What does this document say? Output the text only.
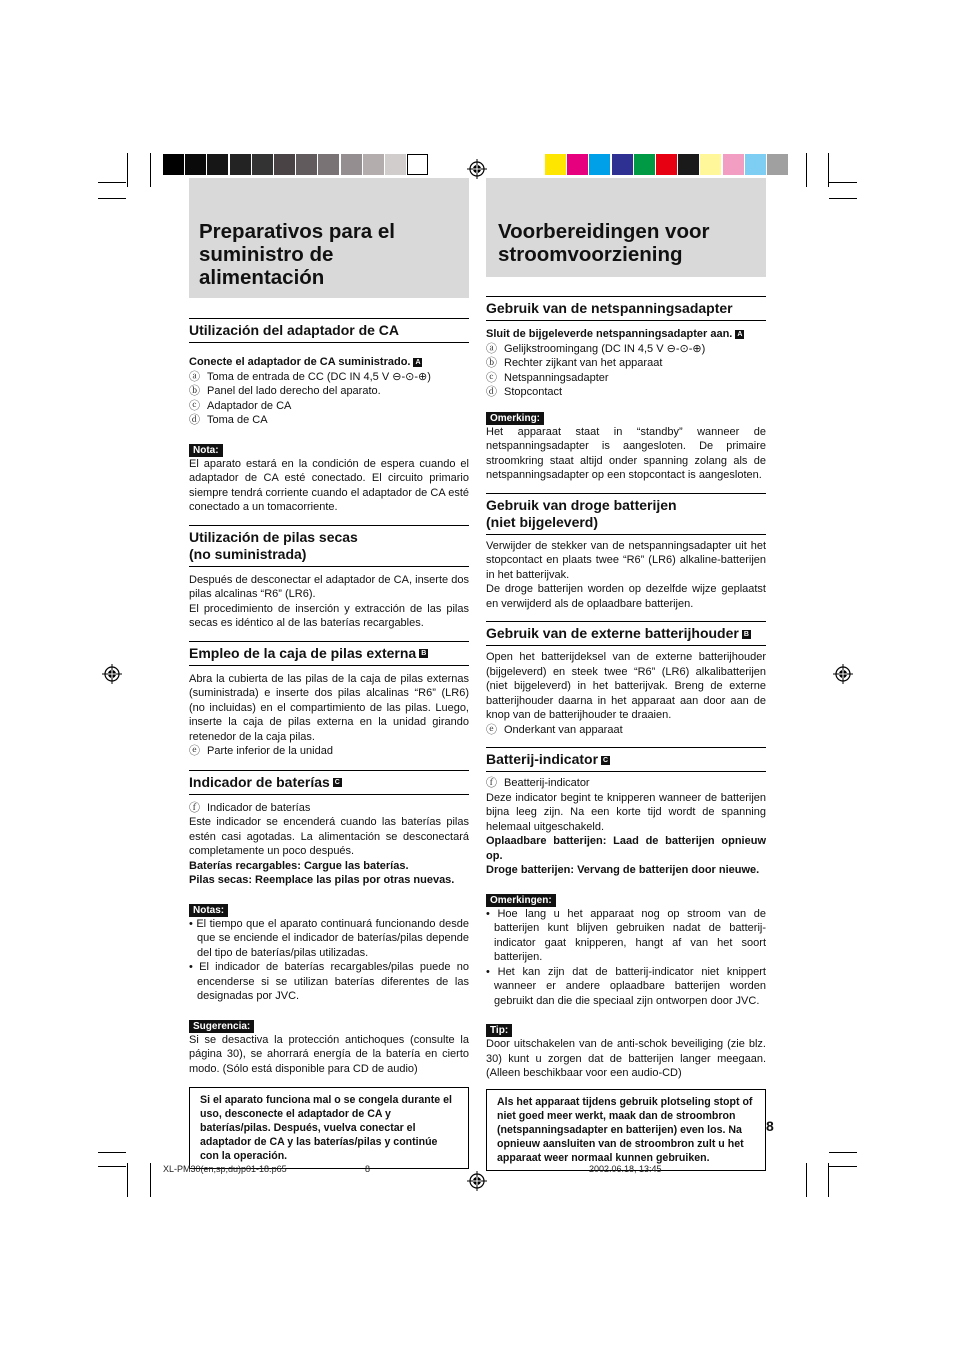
Preparativos para el suministro de alimentación
Utilización del adaptador de CA

Conecte el adaptador de CA suministrado. A

ⓐ Toma de entrada de CC (DC IN 4,5 V ⊖-⊙-⊕)

ⓑ Panel del lado derecho del aparato.

ⓒ Adaptador de CA

ⓓ Toma de CA

Nota:

El aparato estará en la condición de espera cuando el adaptador de CA esté conectado. El circuito primario siempre tendrá corriente cuando el adaptador de CA esté conectado a un tomacorriente.

Utilización de pilas secas
(no suministrada)

Después de desconectar el adaptador de CA, inserte dos pilas alcalinas “R6” (LR6).

El procedimiento de inserción y extracción de las pilas secas es idéntico al de las baterías recargables.

Empleo de la caja de pilas externa B

Abra la cubierta de las pilas de la caja de pilas externas (suministrada) e inserte dos pilas alcalinas “R6” (LR6) (no incluidas) en el compartimiento de las pilas. Luego, inserte la caja de pilas externa en la unidad girando retenedor de la caja pilas.

ⓔ Parte inferior de la unidad

Indicador de baterías C

ⓕ Indicador de baterías

Este indicador se encenderá cuando las baterías pilas estén casi agotadas. La alimentación se desconectará completamente un poco después.

Baterías recargables: Cargue las baterías.

Pilas secas: Reemplace las pilas por otras nuevas.

Notas:

• El tiempo que el aparato continuará funcionando desde que se enciende el indicador de baterías/pilas depende del tipo de baterías/pilas utilizadas.

• El indicador de baterías recargables/pilas puede no encenderse si se utilizan baterías diferentes de las designadas por JVC.

Sugerencia:

Si se desactiva la protección antichoques (consulte la página 30), se ahorrará energía de la batería en cierto modo. (Sólo está disponible para CD de audio)

Si el aparato funciona mal o se congela durante el uso, desconecte el adaptador de CA y baterías/pilas. Después, vuelva conectar el adaptador de CA y las baterías/pilas y continúe con la operación.
Voorbereidingen voor stroomvoorziening
Gebruik van de netspanningsadapter

Sluit de bijgeleverde netspanningsadapter aan. A

ⓐ Gelijkstroomingang (DC IN 4,5 V ⊖-⊙-⊕)

ⓑ Rechter zijkant van het apparaat

ⓒ Netspanningsadapter

ⓓ Stopcontact

Omerking:

Het apparaat staat in “standby” wanneer de netspanningsadapter is aangesloten. De primaire stroomkring staat altijd onder spanning zolang als de netspanningsadapter op een stopcontact is aangesloten.

Gebruik van droge batterijen
(niet bijgeleverd)

Verwijder de stekker van de netspanningsadapter uit het stopcontact en plaats twee “R6” (LR6) alkaline-batterijen in het batterijvak.

De droge batterijen worden op dezelfde wijze geplaatst en verwijderd als de oplaadbare batterijen.

Gebruik van de externe batterijhouder B

Open het batterijdeksel van de externe batterijhouder (bijgeleverd) en steek twee “R6” (LR6) alkalibatterijen (niet bijgeleverd) in het batterijvak. Breng de externe batterijhouder daarna in het apparaat aan door aan de knop van de batterijhouder te draaien.

ⓔ Onderkant van apparaat

Batterij-indicator C

ⓕ Beatterij-indicator

Deze indicator begint te knipperen wanneer de batterijen bijna leeg zijn. Na een korte tijd wordt de spanning helemaal uitgeschakeld.

Oplaadbare batterijen: Laad de batterijen opnieuw op.

Droge batterijen: Vervang de batterijen door nieuwe.

Omerkingen:

• Hoe lang u het apparaat nog op stroom van de batterijen kunt blijven gebruiken nadat de batterij-indicator gaat knipperen, hangt af van het soort batterijen.

• Het kan zijn dat de batterij-indicator niet knippert wanneer er andere oplaadbare batterijen worden gebruikt dan die die speciaal zijn ontworpen door JVC.

Tip:

Door uitschakelen van de anti-schok beveiliging (zie blz. 30) kunt u zorgen dat de batterijen langer meegaan. (Alleen beschikbaar voor een audio-CD)

Als het apparaat tijdens gebruik plotseling stopt of niet goed meer werkt, maak dan de stroombron (netspanningsadapter en batterijen) even los. Na opnieuw aansluiten van de stroombron zult u het apparaat weer normaal kunnen gebruiken.
8
XL-PM30(en,sp,du)p01-18.p65	8	2002.06.18, 13:45
